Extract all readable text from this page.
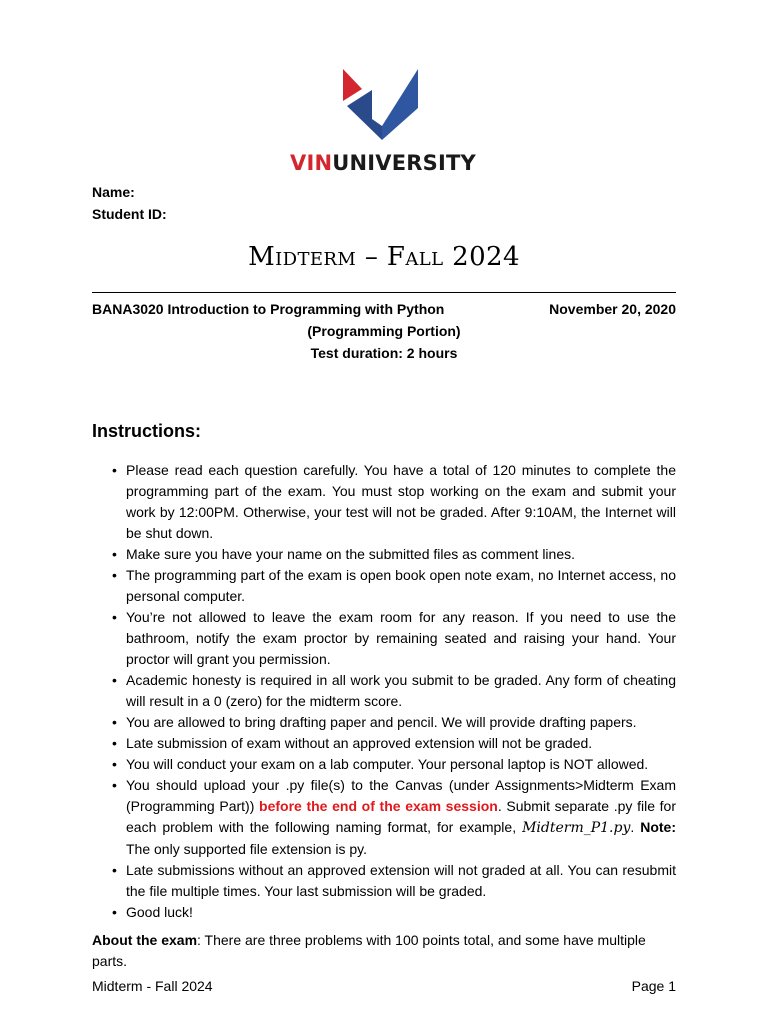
VINUNIVERSITY
Name:
Student ID:
Midterm – Fall 2024
BANA3020 Introduction to Programming with Python	November 20, 2020
(Programming Portion)
Test duration: 2 hours
Instructions:
• Please read each question carefully. You have a total of 120 minutes to complete the programming part of the exam. You must stop working on the exam and submit your work by 12:00PM. Otherwise, your test will not be graded. After 9:10AM, the Internet will be shut down.
• Make sure you have your name on the submitted files as comment lines.
• The programming part of the exam is open book open note exam, no Internet access, no personal computer.
• You’re not allowed to leave the exam room for any reason. If you need to use the bathroom, notify the exam proctor by remaining seated and raising your hand. Your proctor will grant you permission.
• Academic honesty is required in all work you submit to be graded. Any form of cheating will result in a 0 (zero) for the midterm score.
• You are allowed to bring drafting paper and pencil. We will provide drafting papers.
• Late submission of exam without an approved extension will not be graded.
• You will conduct your exam on a lab computer. Your personal laptop is NOT allowed.
• You should upload your .py file(s) to the Canvas (under Assignments>Midterm Exam (Programming Part)) before the end of the exam session. Submit separate .py file for each problem with the following naming format, for example, Midterm_P1.py. Note: The only supported file extension is py.
• Late submissions without an approved extension will not graded at all. You can resubmit the file multiple times. Your last submission will be graded.
• Good luck!
About the exam: There are three problems with 100 points total, and some have multiple parts.
Midterm - Fall 2024	Page 1
